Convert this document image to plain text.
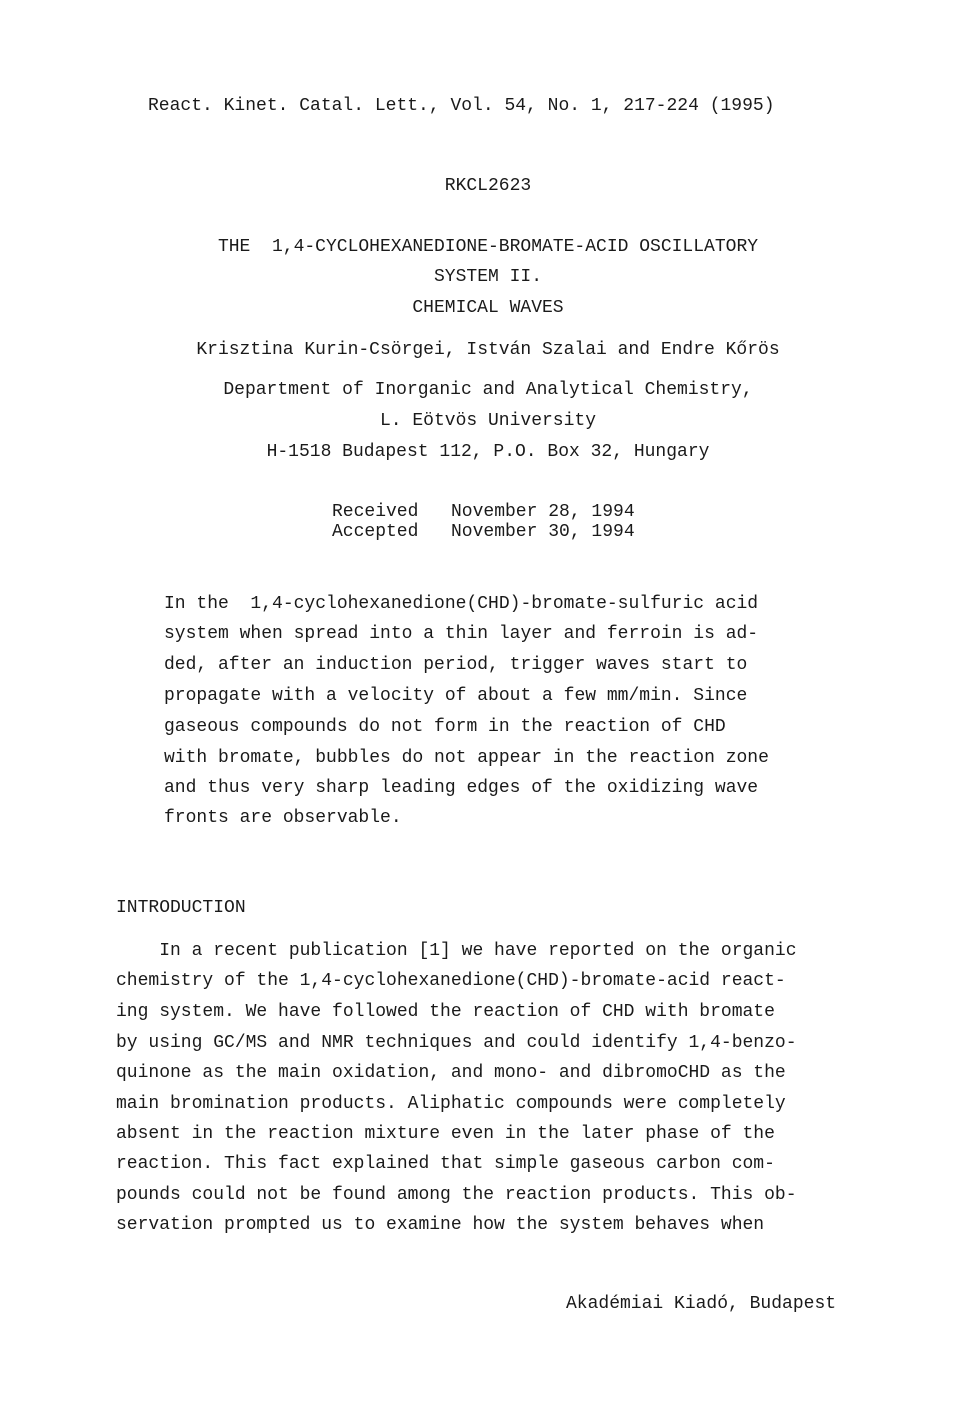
React. Kinet. Catal. Lett., Vol. 54, No. 1, 217-224 (1995)
RKCL2623
THE  1,4-CYCLOHEXANEDIONE-BROMATE-ACID OSCILLATORY
SYSTEM II.
CHEMICAL WAVES
Krisztina Kurin-Csörgei, István Szalai and Endre Kőrös
Department of Inorganic and Analytical Chemistry,
L. Eötvös University
H-1518 Budapest 112, P.O. Box 32, Hungary
Received November 28, 1994
Accepted November 30, 1994
In the  1,4-cyclohexanedione(CHD)-bromate-sulfuric acid
system when spread into a thin layer and ferroin is ad-
ded, after an induction period, trigger waves start to
propagate with a velocity of about a few mm/min. Since
gaseous compounds do not form in the reaction of CHD
with bromate, bubbles do not appear in the reaction zone
and thus very sharp leading edges of the oxidizing wave
fronts are observable.
INTRODUCTION
In a recent publication [1] we have reported on the organic
chemistry of the 1,4-cyclohexanedione(CHD)-bromate-acid react-
ing system. We have followed the reaction of CHD with bromate
by using GC/MS and NMR techniques and could identify 1,4-benzo-
quinone as the main oxidation, and mono- and dibromoCHD as the
main bromination products. Aliphatic compounds were completely
absent in the reaction mixture even in the later phase of the
reaction. This fact explained that simple gaseous carbon com-
pounds could not be found among the reaction products. This ob-
servation prompted us to examine how the system behaves when
Akadémiai Kiadó, Budapest
